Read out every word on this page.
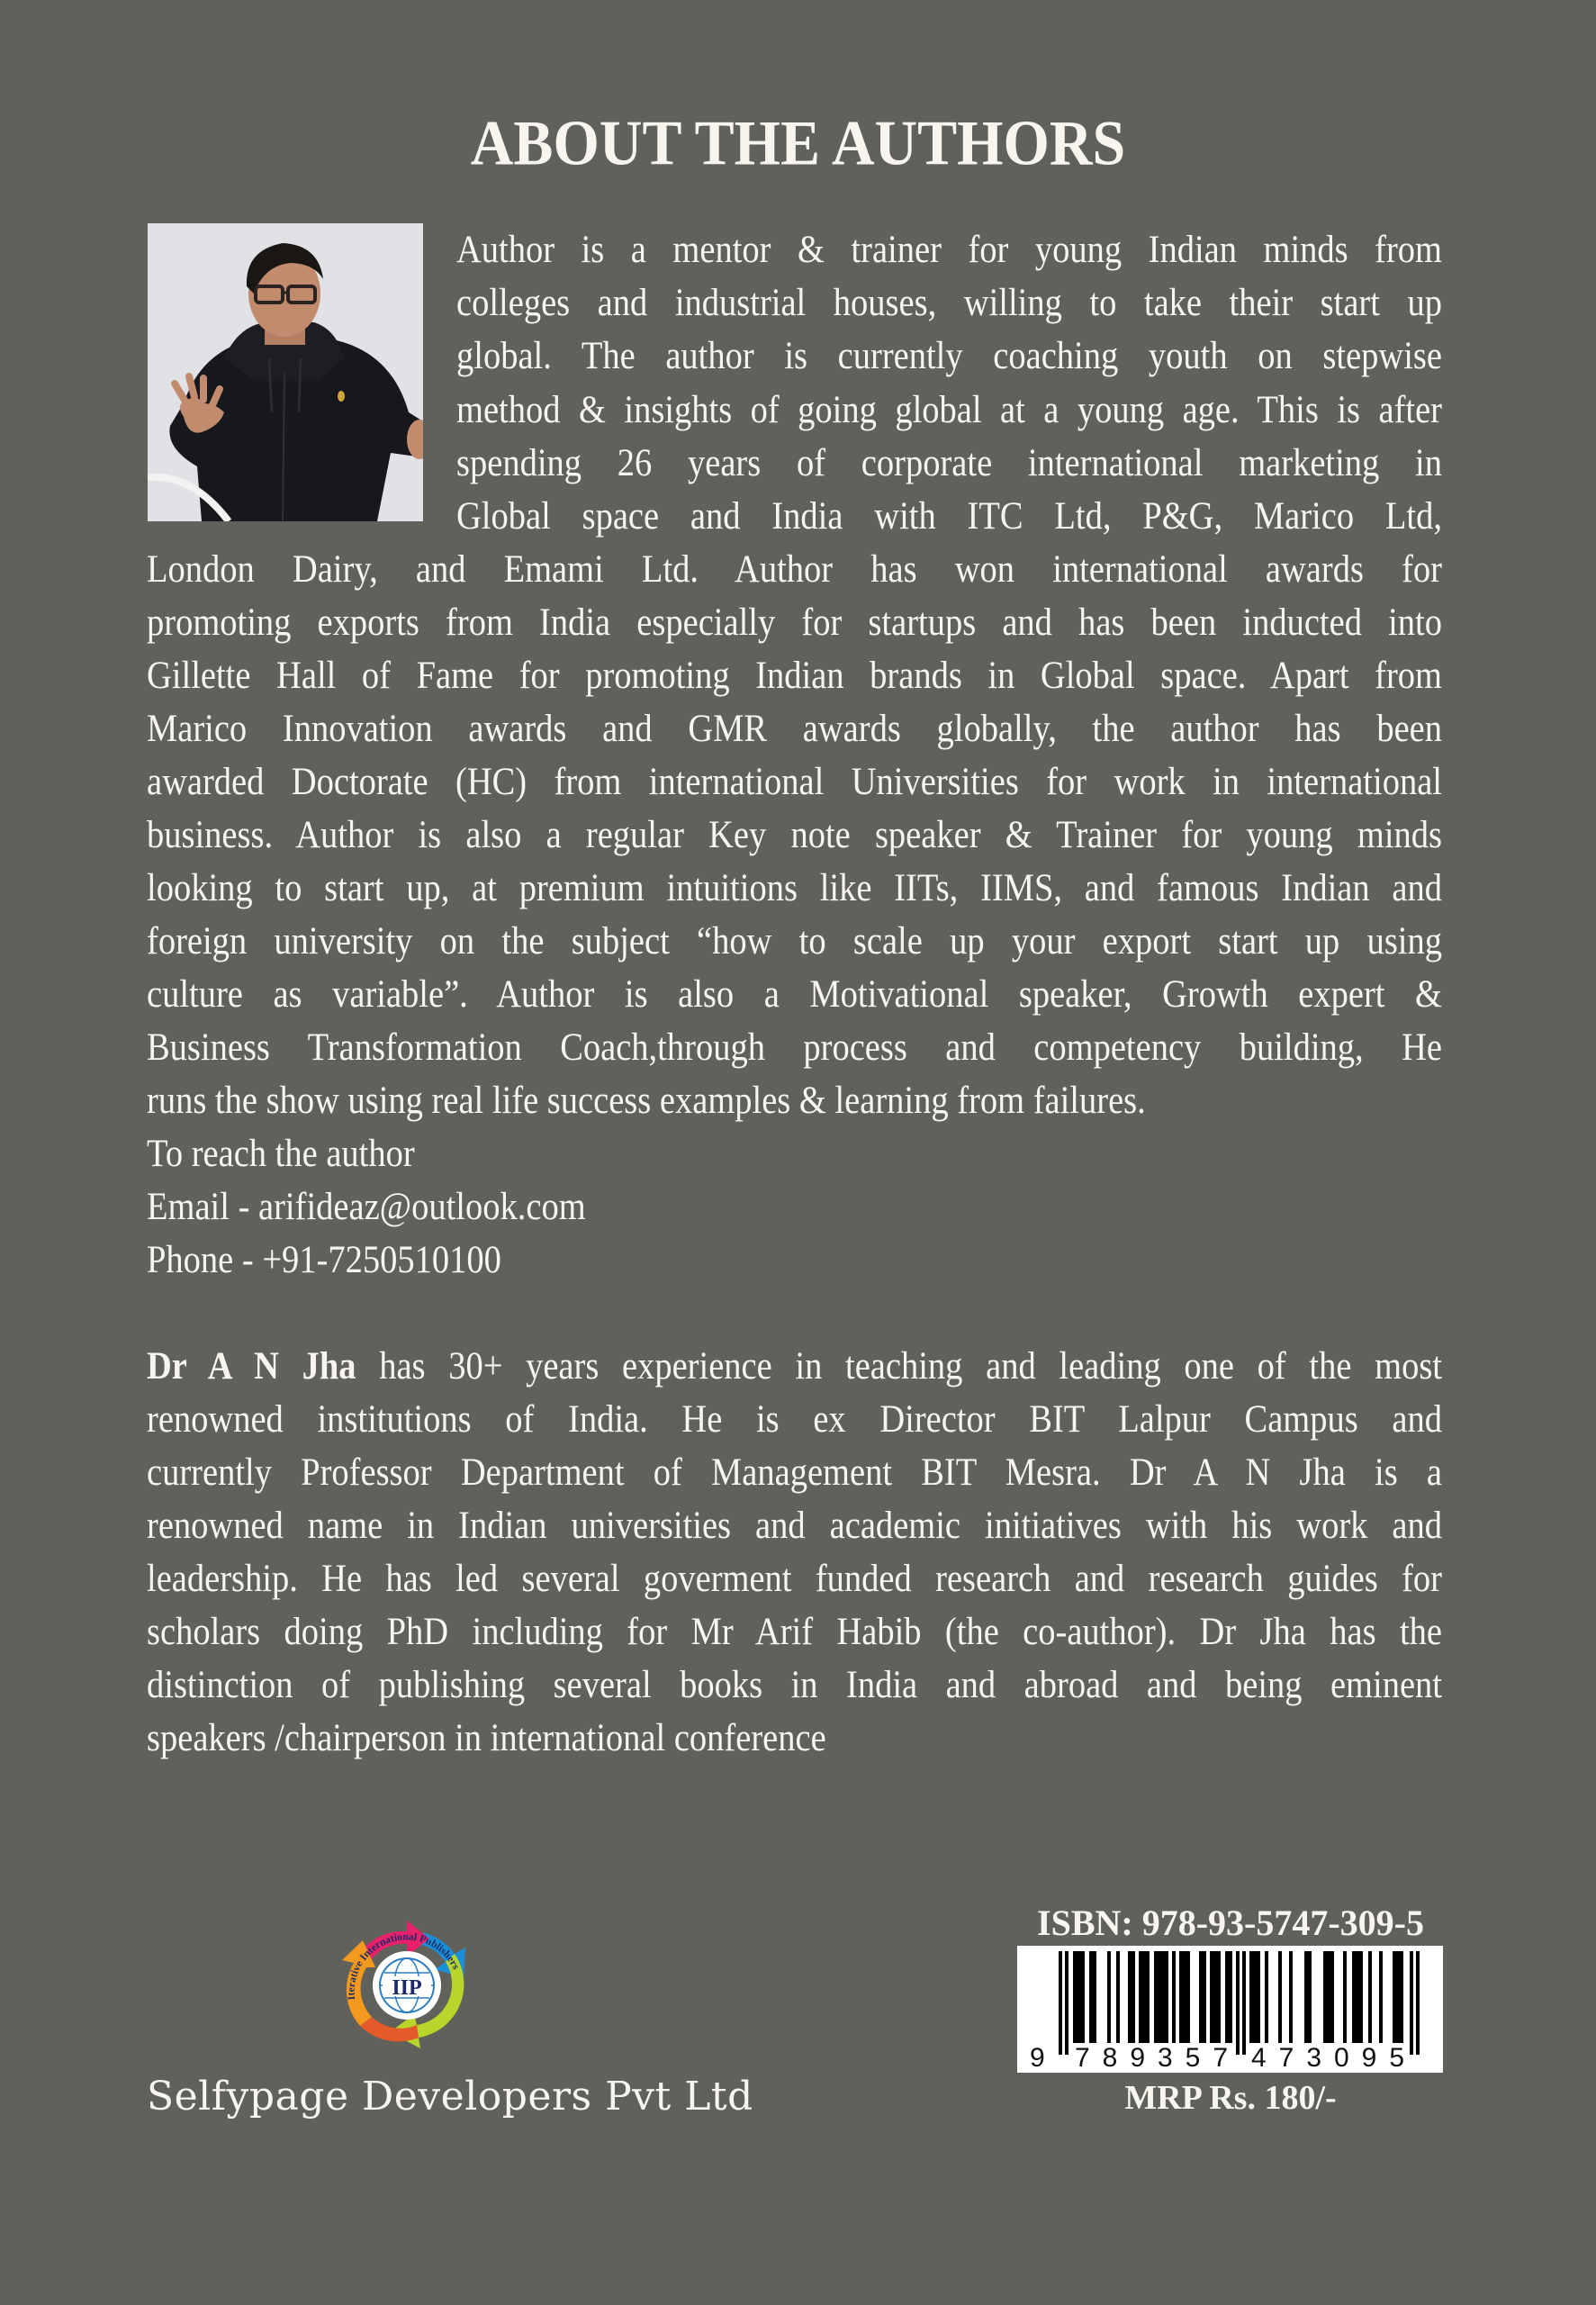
ABOUT THE AUTHORS
Author is a mentor & trainer for young Indian minds from
colleges and industrial houses, willing to take their start up
global. The author is currently coaching youth on stepwise
method & insights of going global at a young age. This is after
spending 26 years of corporate international marketing in
Global space and India with ITC Ltd, P&G, Marico Ltd,
London Dairy, and Emami Ltd. Author has won international awards for
promoting exports from India especially for startups and has been inducted into
Gillette Hall of Fame for promoting Indian brands in Global space. Apart from
Marico Innovation awards and GMR awards globally, the author has been
awarded Doctorate (HC) from international Universities for work in international
business. Author is also a regular Key note speaker & Trainer for young minds
looking to start up, at premium intuitions like IITs, IIMS, and famous Indian and
foreign university on the subject “how to scale up your export start up using
culture as variable”. Author is also a Motivational speaker, Growth expert &
Business Transformation Coach,through process and competency building, He
runs the show using real life success examples & learning from failures.
To reach the author
Email - arifideaz@outlook.com
Phone - +91-7250510100
Dr A N Jha has 30+ years experience in teaching and leading one of the most
renowned institutions of India. He is ex Director BIT Lalpur Campus and
currently Professor Department of Management BIT Mesra. Dr A N Jha is a
renowned name in Indian universities and academic initiatives with his work and
leadership. He has led several goverment funded research and research guides for
scholars doing PhD including for Mr Arif Habib (the co-author). Dr Jha has the
distinction of publishing several books in India and abroad and being eminent
speakers /chairperson in international conference
IIP
Iterative International Publishers
Selfypage Developers Pvt Ltd
ISBN: 978-93-5747-309-5
9 789357 473095
MRP Rs. 180/-
